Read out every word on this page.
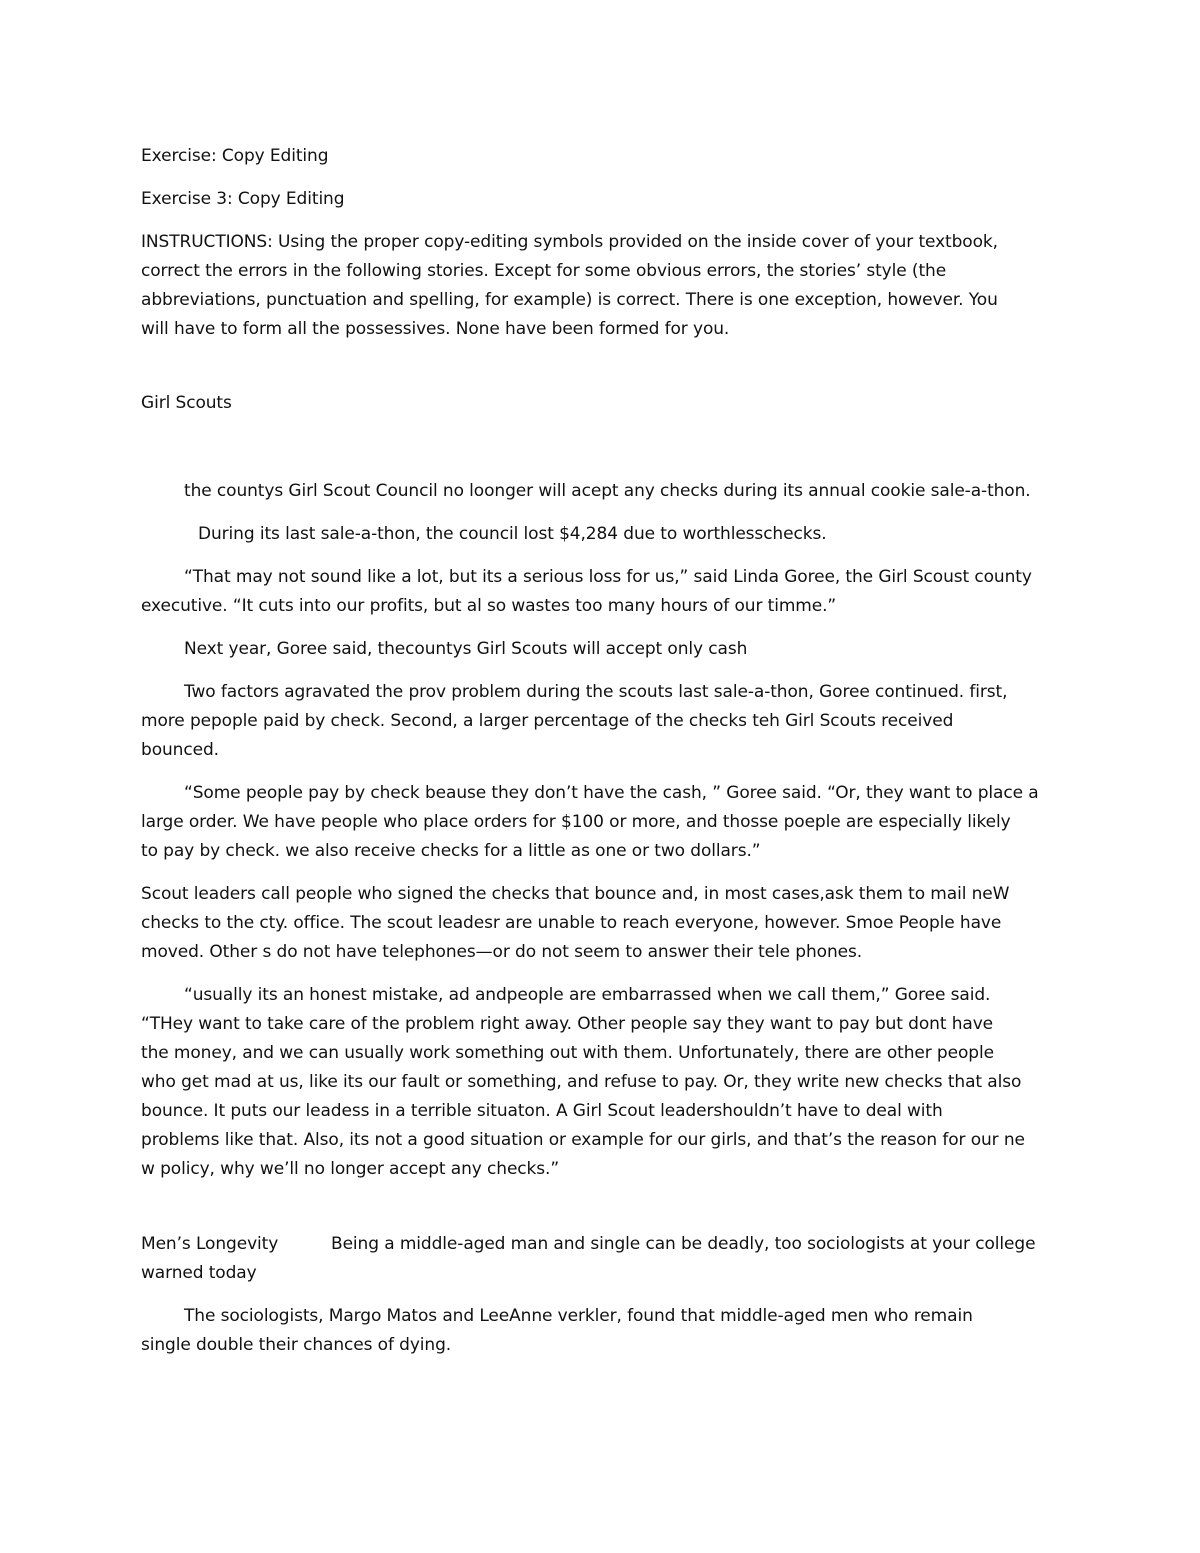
Exercise: Copy Editing

Exercise 3: Copy Editing

INSTRUCTIONS: Using the proper copy-editing symbols provided on the inside cover of your textbook,
correct the errors in the following stories. Except for some obvious errors, the stories’ style (the
abbreviations, punctuation and spelling, for example) is correct. There is one exception, however. You
will have to form all the possessives. None have been formed for you.

Girl Scouts

the countys Girl Scout Council no loonger will acept any checks during its annual cookie sale-a-thon.

During its last sale-a-thon, the council lost $4,284 due to worthlesschecks.

“That may not sound like a lot, but its a serious loss for us,” said Linda Goree, the Girl Scoust county
executive. “It cuts into our profits, but al so wastes too many hours of our timme.”

Next year, Goree said, thecountys Girl Scouts will accept only cash

Two factors agravated the prov problem during the scouts last sale-a-thon, Goree continued. first,
more pepople paid by check. Second, a larger percentage of the checks teh Girl Scouts received
bounced.

“Some people pay by check beause they don’t have the cash, ” Goree said. “Or, they want to place a
large order. We have people who place orders for $100 or more, and thosse poeple are especially likely
to pay by check. we also receive checks for a little as one or two dollars.”

Scout leaders call people who signed the checks that bounce and, in most cases,ask them to mail neW
checks to the cty. office. The scout leadesr are unable to reach everyone, however. Smoe People have
moved. Other s do not have telephones—or do not seem to answer their tele phones.

“usually its an honest mistake, ad andpeople are embarrassed when we call them,” Goree said.
“THey want to take care of the problem right away. Other people say they want to pay but dont have
the money, and we can usually work something out with them. Unfortunately, there are other people
who get mad at us, like its our fault or something, and refuse to pay. Or, they write new checks that also
bounce. It puts our leadess in a terrible situaton. A Girl Scout leadershouldn’t have to deal with
problems like that. Also, its not a good situation or example for our girls, and that’s the reason for our ne
w policy, why we’ll no longer accept any checks.”

Men’s Longevity	Being a middle-aged man and single can be deadly, too sociologists at your college
warned today

The sociologists, Margo Matos and LeeAnne verkler, found that middle-aged men who remain
single double their chances of dying.
